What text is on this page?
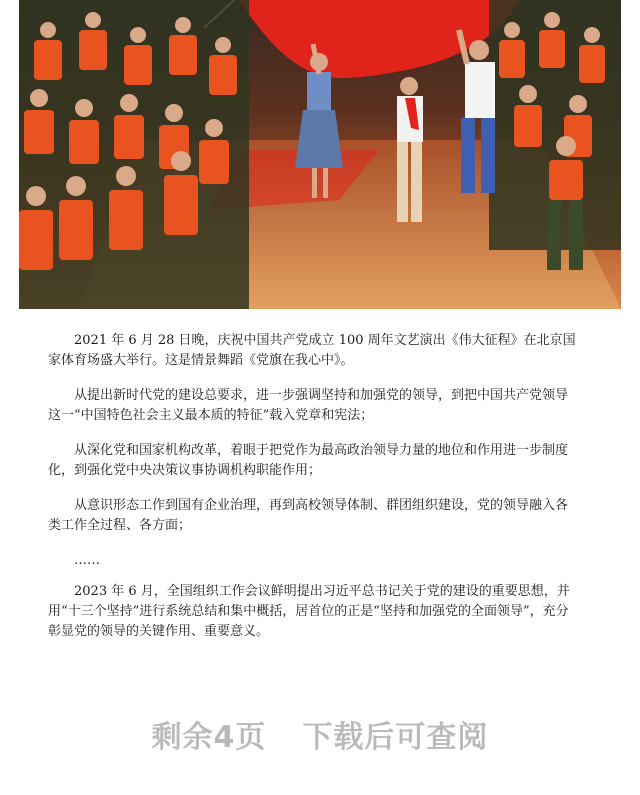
2021 年 6 月 28 日晚，庆祝中国共产党成立 100 周年文艺演出《伟大征程》在北京国家体育场盛大举行。这是情景舞蹈《党旗在我心中》。

从提出新时代党的建设总要求，进一步强调坚持和加强党的领导，到把中国共产党领导这一“中国特色社会主义最本质的特征”载入党章和宪法；

从深化党和国家机构改革，着眼于把党作为最高政治领导力量的地位和作用进一步制度化，到强化党中央决策议事协调机构职能作用；

从意识形态工作到国有企业治理，再到高校领导体制、群团组织建设，党的领导融入各类工作全过程、各方面；

……

2023 年 6 月，全国组织工作会议鲜明提出习近平总书记关于党的建设的重要思想，并用“十三个坚持”进行系统总结和集中概括，居首位的正是“坚持和加强党的全面领导”，充分彰显党的领导的关键作用、重要意义。

剩余4页 下载后可查阅
